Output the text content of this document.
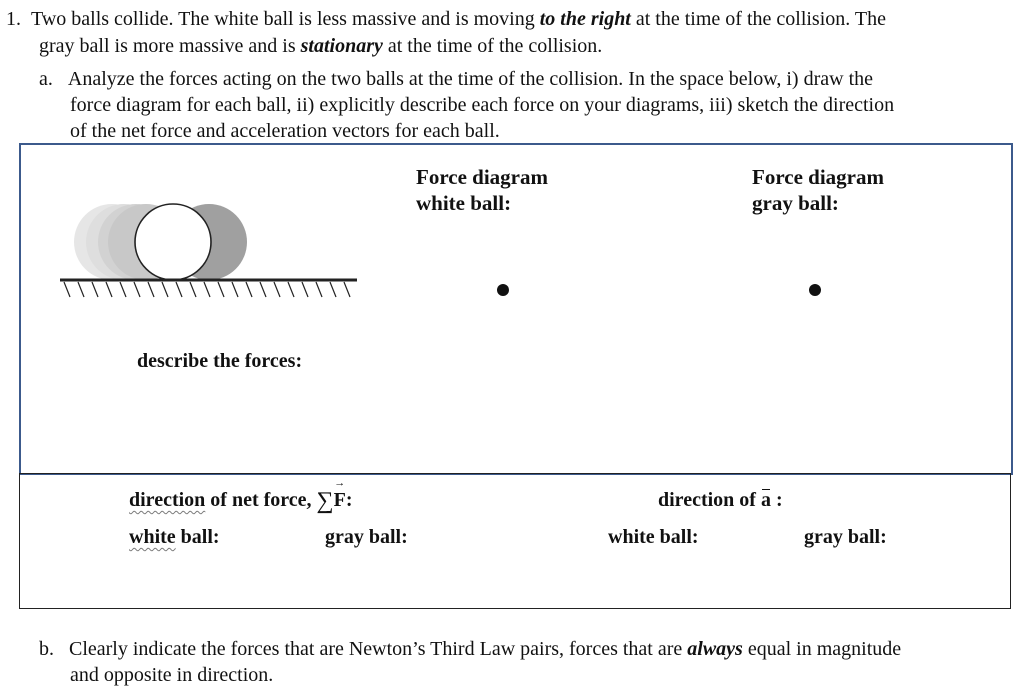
1. Two balls collide. The white ball is less massive and is moving to the right at the time of the collision. The
gray ball is more massive and is stationary at the time of the collision.
a. Analyze the forces acting on the two balls at the time of the collision. In the space below, i) draw the
force diagram for each ball, ii) explicitly describe each force on your diagrams, iii) sketch the direction
of the net force and acceleration vectors for each ball.
Force diagram
white ball:
Force diagram
gray ball:
describe the forces:
direction of net force, ∑
→
F:	direction of
a :
white ball:	gray ball:	white ball:	gray ball:
b. Clearly indicate the forces that are Newton’s Third Law pairs, forces that are always equal in magnitude
and opposite in direction.
